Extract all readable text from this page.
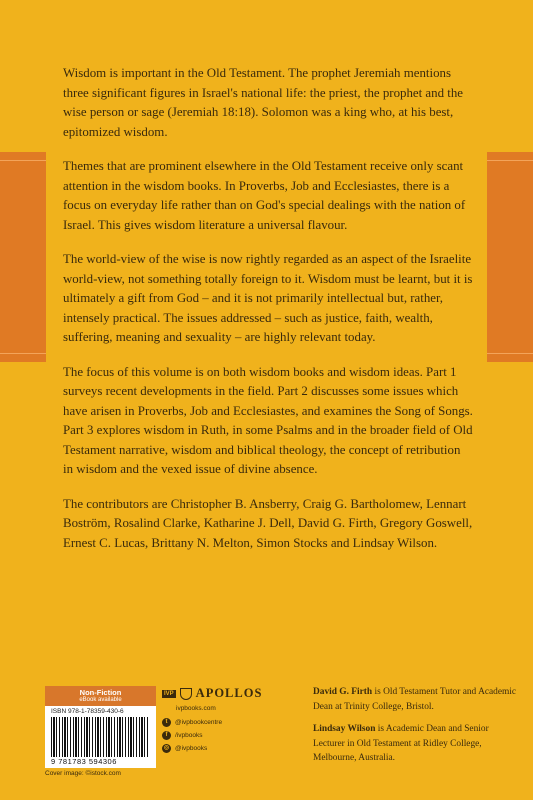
Wisdom is important in the Old Testament. The prophet Jeremiah mentions three significant figures in Israel's national life: the priest, the prophet and the wise person or sage (Jeremiah 18:18). Solomon was a king who, at his best, epitomized wisdom.

Themes that are prominent elsewhere in the Old Testament receive only scant attention in the wisdom books. In Proverbs, Job and Ecclesiastes, there is a focus on everyday life rather than on God's special dealings with the nation of Israel. This gives wisdom literature a universal flavour.

The world-view of the wise is now rightly regarded as an aspect of the Israelite world-view, not something totally foreign to it. Wisdom must be learnt, but it is ultimately a gift from God – and it is not primarily intellectual but, rather, intensely practical. The issues addressed – such as justice, faith, wealth, suffering, meaning and sexuality – are highly relevant today.

The focus of this volume is on both wisdom books and wisdom ideas. Part 1 surveys recent developments in the field. Part 2 discusses some issues which have arisen in Proverbs, Job and Ecclesiastes, and examines the Song of Songs. Part 3 explores wisdom in Ruth, in some Psalms and in the broader field of Old Testament narrative, wisdom and biblical theology, the concept of retribution in wisdom and the vexed issue of divine absence.

The contributors are Christopher B. Ansberry, Craig G. Bartholomew, Lennart Boström, Rosalind Clarke, Katharine J. Dell, David G. Firth, Gregory Goswell, Ernest C. Lucas, Brittany N. Melton, Simon Stocks and Lindsay Wilson.

Non-Fiction
eBook available
ISBN 978-1-78359-430-6
9 781783 594306
Cover image: ©istock.com
IVP APOLLOS
ivpbooks.com
t	@ivpbookcentre
f	/ivpbooks
◎ @ivpbooks

David G. Firth is Old Testament Tutor and Academic Dean at Trinity College, Bristol.

Lindsay Wilson is Academic Dean and Senior Lecturer in Old Testament at Ridley College, Melbourne, Australia.
